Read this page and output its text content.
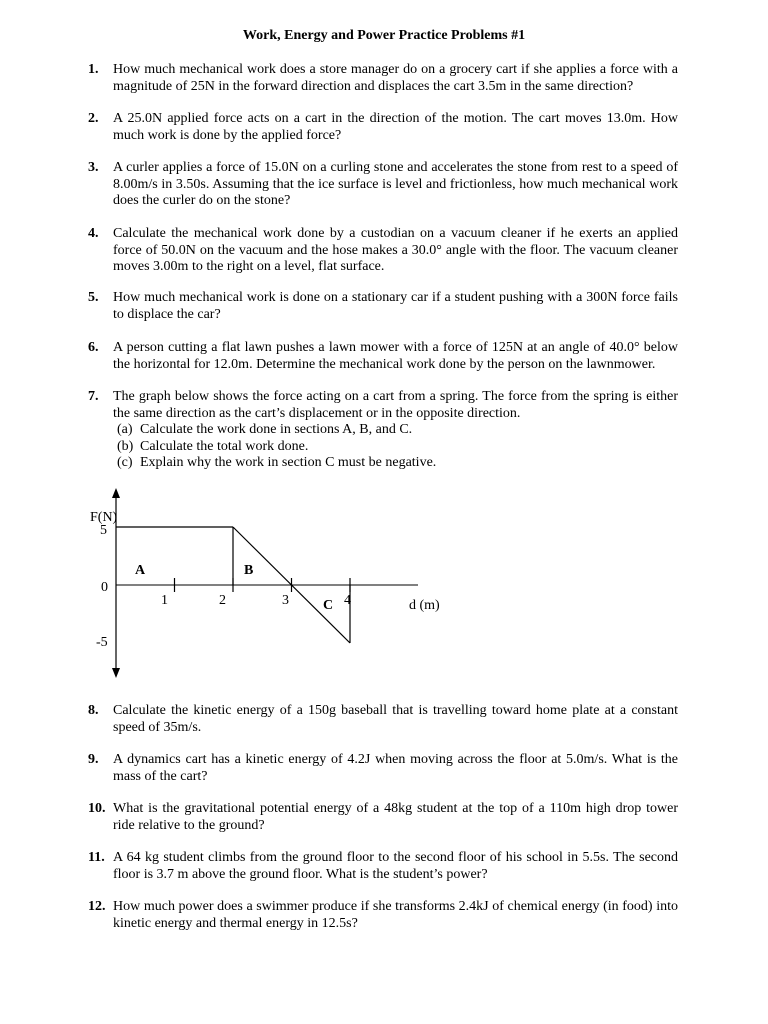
Work, Energy and Power Practice Problems #1
1.	How much mechanical work does a store manager do on a grocery cart if she applies a force with a magnitude of 25N in the forward direction and displaces the cart 3.5m in the same direction?
2.	A 25.0N applied force acts on a cart in the direction of the motion. The cart moves 13.0m. How much work is done by the applied force?
3.	A curler applies a force of 15.0N on a curling stone and accelerates the stone from rest to a speed of 8.00m/s in 3.50s. Assuming that the ice surface is level and frictionless, how much mechanical work does the curler do on the stone?
4.	Calculate the mechanical work done by a custodian on a vacuum cleaner if he exerts an applied force of 50.0N on the vacuum and the hose makes a 30.0° angle with the floor. The vacuum cleaner moves 3.00m to the right on a level, flat surface.
5.	How much mechanical work is done on a stationary car if a student pushing with a 300N force fails to displace the car?
6.	A person cutting a flat lawn pushes a lawn mower with a force of 125N at an angle of 40.0° below the horizontal for 12.0m. Determine the mechanical work done by the person on the lawnmower.
7.	The graph below shows the force acting on a cart from a spring. The force from the spring is either the same direction as the cart’s displacement or in the opposite direction.
(a) Calculate the work done in sections A, B, and C.
(b) Calculate the total work done.
(c) Explain why the work in section C must be negative.
F(N)
5
0
-5
1	2	3	4
A	B
C	d (m)
8.	Calculate the kinetic energy of a 150g baseball that is travelling toward home plate at a constant speed of 35m/s.
9.	A dynamics cart has a kinetic energy of 4.2J when moving across the floor at 5.0m/s. What is the mass of the cart?
10. What is the gravitational potential energy of a 48kg student at the top of a 110m high drop tower ride relative to the ground?
11. A 64 kg student climbs from the ground floor to the second floor of his school in 5.5s. The second floor is 3.7 m above the ground floor. What is the student’s power?
12. How much power does a swimmer produce if she transforms 2.4kJ of chemical energy (in food) into kinetic energy and thermal energy in 12.5s?
